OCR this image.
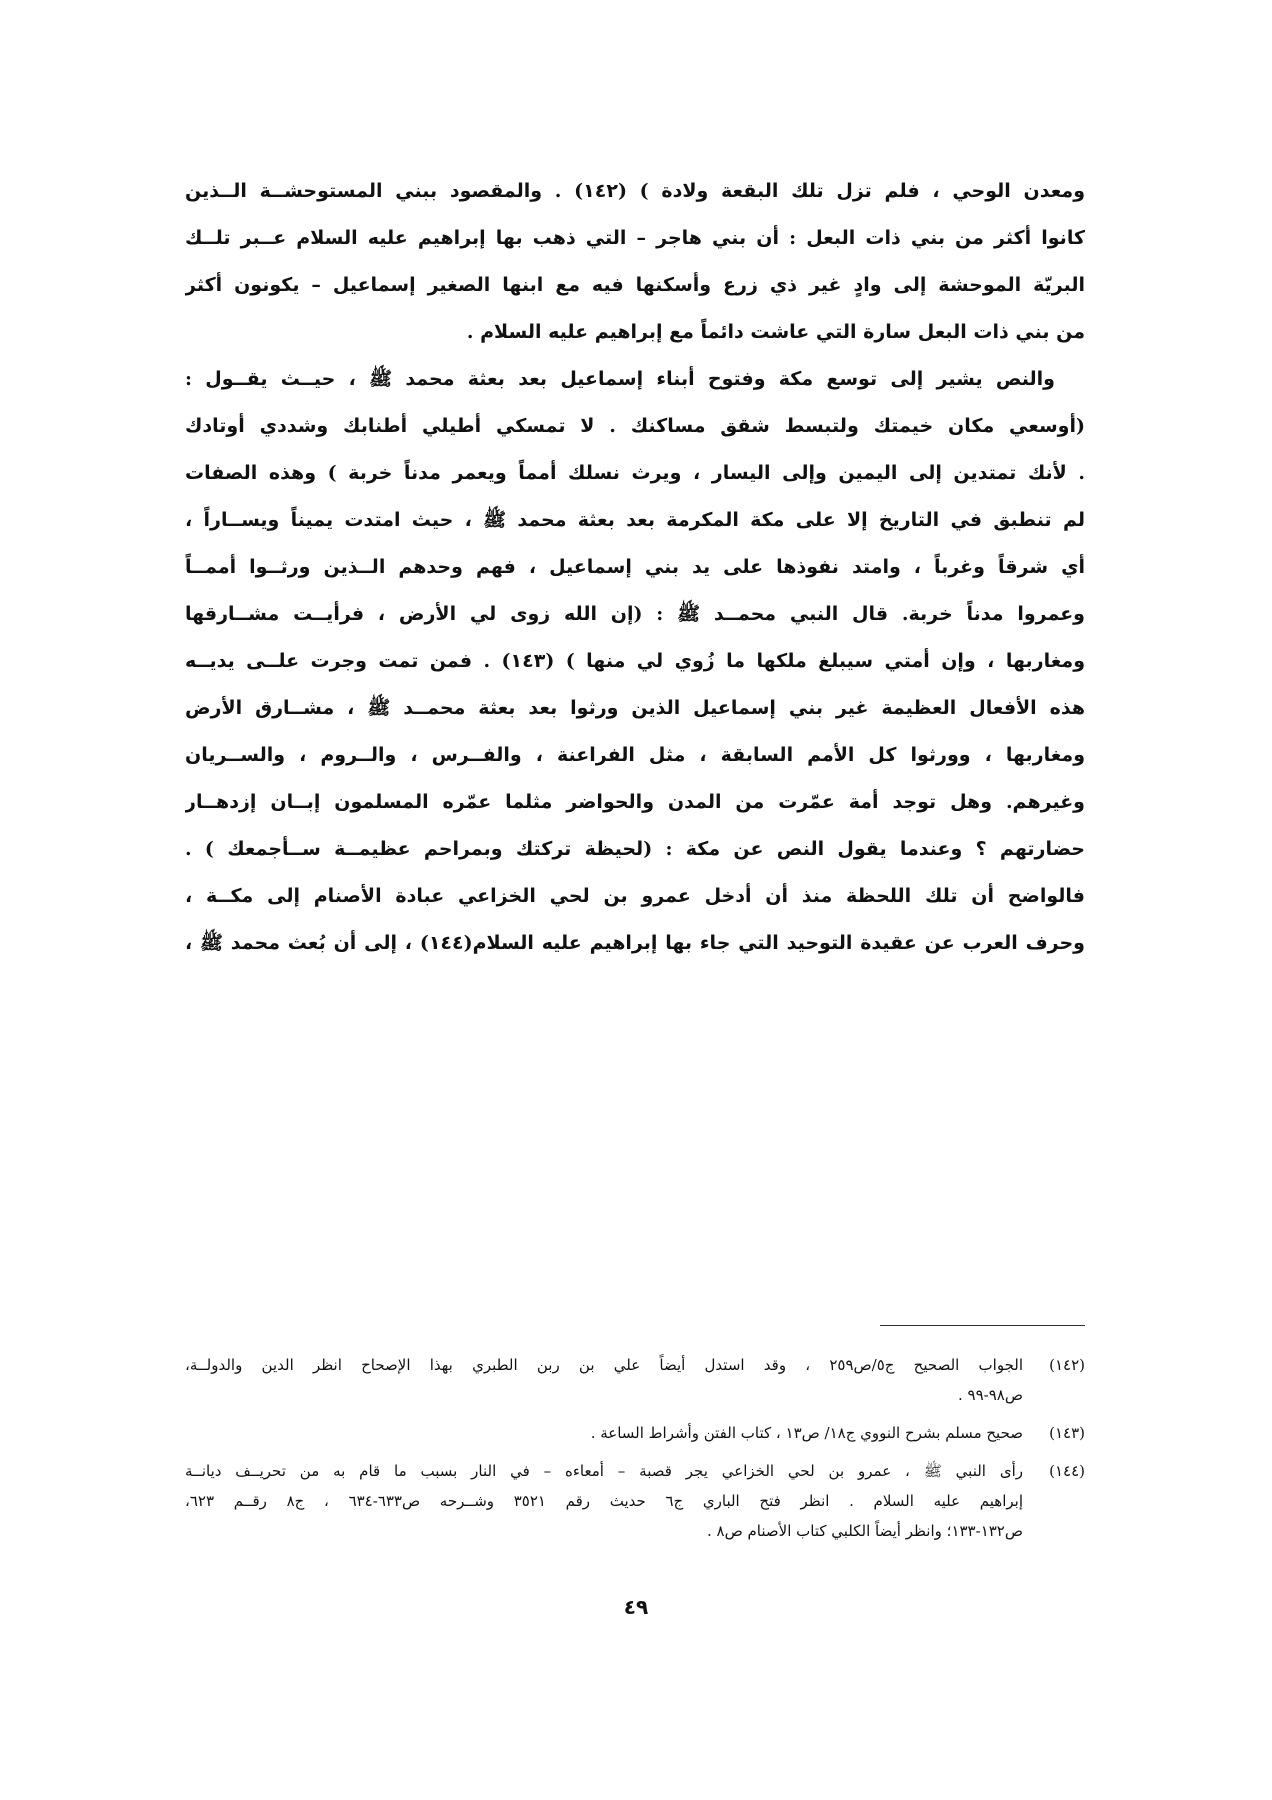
ومعدن الوحي ، فلم تزل تلك البقعة ولادة ) (١٤٢) . والمقصود ببني المستوحشــة الــذين
كانوا أكثر من بني ذات البعل : أن بني هاجر – التي ذهب بها إبراهيم عليه السلام عــبر تلــك
البريّة الموحشة إلى وادٍ غير ذي زرع وأسكنها فيه مع ابنها الصغير إسماعيل – يكونون أكثر
من بني ذات البعل سارة التي عاشت دائماً مع إبراهيم عليه السلام .
والنص يشير إلى توسع مكة وفتوح أبناء إسماعيل بعد بعثة محمد ﷺ ، حيــث يقــول :
(أوسعي مكان خيمتك ولتبسط شقق مساكنك . لا تمسكي أطيلي أطنابك وشددي أوتادك
. لأنك تمتدين إلى اليمين وإلى اليسار ، ويرث نسلك أمماً ويعمر مدناً خربة ) وهذه الصفات
لم تنطبق في التاريخ إلا على مكة المكرمة بعد بعثة محمد ﷺ ، حيث امتدت يميناً ويســاراً ،
أي شرقاً وغرباً ، وامتد نفوذها على يد بني إسماعيل ، فهم وحدهم الــذين ورثــوا أممــاً
وعمروا مدناً خربة. قال النبي محمــد ﷺ : (إن الله زوى لي الأرض ، فرأيــت مشــارقها
ومغاربها ، وإن أمتي سيبلغ ملكها ما زُوي لي منها ) (١٤٣) . فمن تمت وجرت علــى يديــه
هذه الأفعال العظيمة غير بني إسماعيل الذين ورثوا بعد بعثة محمــد ﷺ ، مشــارق الأرض
ومغاربها ، وورثوا كل الأمم السابقة ، مثل الفراعنة ، والفــرس ، والــروم ، والســريان
وغيرهم. وهل توجد أمة عمّرت من المدن والحواضر مثلما عمّره المسلمون إبــان إزدهــار
حضارتهم ؟ وعندما يقول النص عن مكة : (لحيظة تركتك وبمراحم عظيمــة ســأجمعك ) .
فالواضح أن تلك اللحظة منذ أن أدخل عمرو بن لحي الخزاعي عبادة الأصنام إلى مكــة ،
وحرف العرب عن عقيدة التوحيد التي جاء بها إبراهيم عليه السلام(١٤٤) ، إلى أن بُعث محمد ﷺ ،
(١٤٢)
الجواب الصحيح ج٥/ص٢٥٩ ، وقد استدل أيضاً علي بن ربن الطبري بهذا الإصحاح انظر الدين والدولــة،
ص٩٨-٩٩ .
(١٤٣)
صحيح مسلم بشرح النووي ج١٨/ ص١٣ ، كتاب الفتن وأشراط الساعة .
(١٤٤)
رأى النبي ﷺ ، عمرو بن لحي الخزاعي يجر قصبة – أمعاءه – في النار بسبب ما قام به من تحريــف ديانــة
إبراهيم عليه السلام . انظر فتح الباري ج٦ حديث رقم ٣٥٢١ وشــرحه ص٦٣٣-٦٣٤ ، ج٨ رقــم ٦٢٣،
ص١٣٢-١٣٣؛ وانظر أيضاً الكلبي كتاب الأصنام ص٨ .
٤٩
